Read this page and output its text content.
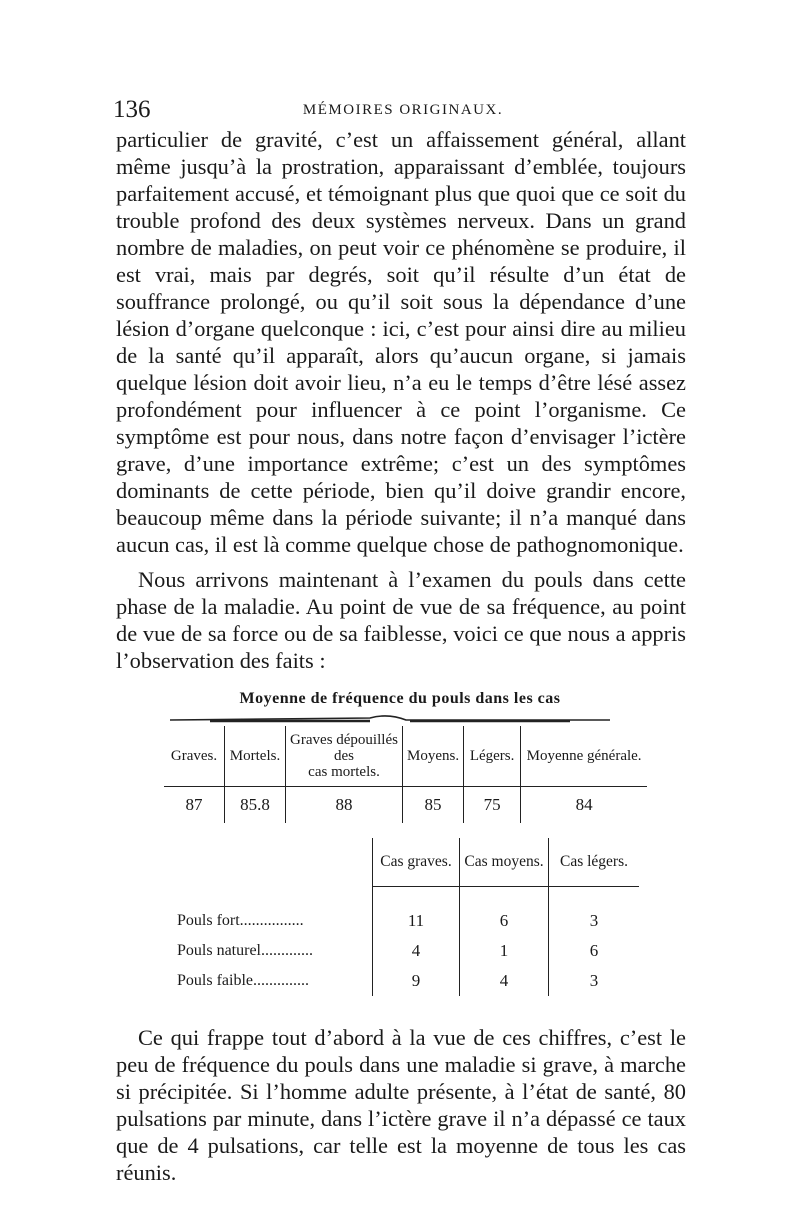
136	MÉMOIRES ORIGINAUX.

particulier de gravité, c’est un affaissement général, allant même jusqu’à la prostration, apparaissant d’emblée, toujours parfaitement accusé, et témoignant plus que quoi que ce soit du trouble profond des deux systèmes nerveux. Dans un grand nombre de maladies, on peut voir ce phénomène se produire, il est vrai, mais par degrés, soit qu’il résulte d’un état de souffrance prolongé, ou qu’il soit sous la dépendance d’une lésion d’organe quelconque : ici, c’est pour ainsi dire au milieu de la santé qu’il apparaît, alors qu’aucun organe, si jamais quelque lésion doit avoir lieu, n’a eu le temps d’être lésé assez profondément pour influencer à ce point l’organisme. Ce symptôme est pour nous, dans notre façon d’envisager l’ictère grave, d’une importance extrême; c’est un des symptômes dominants de cette période, bien qu’il doive grandir encore, beaucoup même dans la période suivante; il n’a manqué dans aucun cas, il est là comme quelque chose de pathognomonique.

Nous arrivons maintenant à l’examen du pouls dans cette phase de la maladie. Au point de vue de sa fréquence, au point de vue de sa force ou de sa faiblesse, voici ce que nous a appris l’observation des faits :

Moyenne de fréquence du pouls dans les cas
Graves.	Mortels.	Graves dépouillés
des
cas mortels.	Moyens.	Légers.	Moyenne générale.
87	85.8	88	85	75	84
	Cas graves.	Cas moyens.	Cas légers.
Pouls fort................	11	6	3
Pouls naturel.............	4	1	6
Pouls faible..............	9	4	3

Ce qui frappe tout d’abord à la vue de ces chiffres, c’est le peu de fréquence du pouls dans une maladie si grave, à marche si précipitée. Si l’homme adulte présente, à l’état de santé, 80 pulsations par minute, dans l’ictère grave il n’a dépassé ce taux que de 4 pulsations, car telle est la moyenne de tous les cas réunis.
